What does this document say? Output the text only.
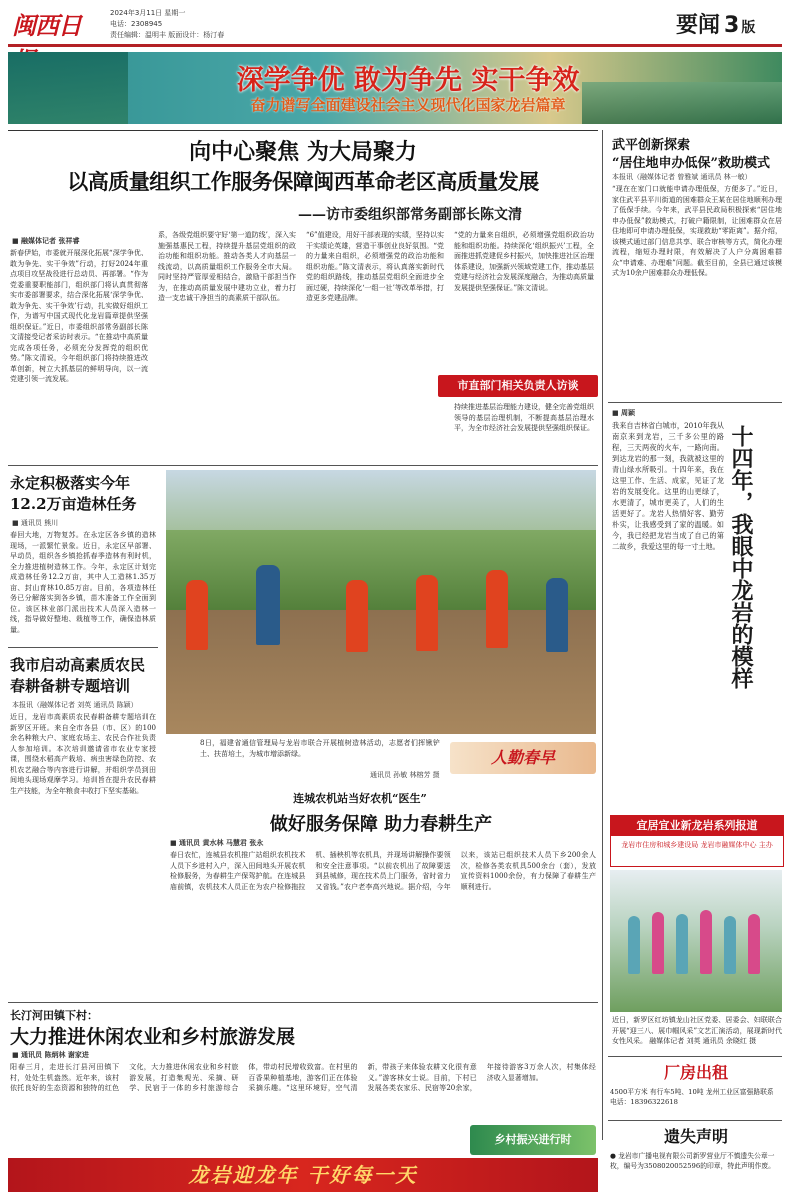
闽西日	2024年3月11日 星期一
电话：2308945
责任编辑：温明丰 版面设计：杨汀春	要闻 3 版
深学争优 敢为争先 实干争效
奋力谱写全面建设社会主义现代化国家龙岩篇章
向中心聚焦 为大局聚力
以高质量组织工作服务保障闽西革命老区高质量发展
——访市委组织部常务副部长陈文清
■ 融媒体记者 张祥睿
新春伊始，市委就开展深化拓展“深学争优、敢为争先、实干争效”行动，打好2024年重点项目攻坚战役进行总动员、再部署。“作为党委重要职能部门，组织部门将认真贯彻落实市委部署要求，结合深化拓展‘深学争优、敢为争先、实干争效’行动，扎实做好组织工作，为谱写中国式现代化龙岩篇章提供坚强组织保证。”近日，市委组织部常务副部长陈文清接受记者采访时表示。“在推动中高质量完成各项任务，必须充分发挥党的组织优势。”陈文清说，今年组织部门将持续推进改革创新，树立大抓基层的鲜明导向，以一流党建引领一流发展。
系，各级党组织要守好‘第一道防线’，深入实施强基惠民工程，持续提升基层党组织的政治功能和组织功能。推动各类人才向基层一线流动，以高质量组织工作服务全市大局。同时坚持严管厚爱相结合，激励干部担当作为，在推动高质量发展中建功立业，着力打造一支忠诚干净担当的高素质干部队伍。
“6”值建设，用好干部表现的实绩，坚持以实干实绩论英雄，营造干事创业良好氛围。“党的力量来自组织，必须增强党的政治功能和组织功能。”陈文清表示，将认真落实新时代党的组织路线，推动基层党组织全面进步全面过硬，持续深化‘一组一社’等改革举措，打造更多党建品牌。
“党的力量来自组织，必须增强党组织政治功能和组织功能。持续深化‘组织振兴’工程，全面推进抓党建促乡村振兴，加快推进社区治理体系建设，加强新兴领域党建工作，推动基层党建与经济社会发展深度融合，为推动高质量发展提供坚强保证。”陈文清说。
市直部门相关负责人访谈
持续推进基层治理能力建设，健全完善党组织领导的基层治理机制，不断提高基层治理水平，为全市经济社会发展提供坚强组织保证。
武平创新探索
“居住地申办低保”救助模式
本报讯（融媒体记者 曾雅斌 通讯员 林一敏）
“现在在家门口就能申请办理低保，方便多了。”近日，家住武平县平川街道的困难群众王某在居住地顺利办理了低保手续。今年来，武平县民政局积极探索“居住地申办低保”救助模式，打破户籍限制，让困难群众在居住地即可申请办理低保，实现救助“零距离”。据介绍，该模式通过部门信息共享、联合审核等方式，简化办理流程，缩短办理时限，有效解决了人户分离困难群众“申请难、办理难”问题。截至目前，全县已通过该模式为10余户困难群众办理低保。
■ 周颖
我来自吉林省白城市，2010年我从南京来到龙岩，三千多公里的路程，三天两夜的火车，一路向南。到达龙岩的那一刻，我就被这里的青山绿水所吸引。十四年来，我在这里工作、生活、成家，见证了龙岩的发展变化。这里的山更绿了，水更清了，城市更美了，人们的生活更好了。龙岩人热情好客、勤劳朴实，让我感受到了家的温暖。如今，我已经把龙岩当成了自己的第二故乡，我爱这里的每一寸土地。 十四年，我眼中龙岩的模样
宜居宜业新龙岩系列报道
龙岩市住房和城乡建设局 龙岩市融媒体中心 主办
近日，新罗区红坊镇龙山社区党委、居委会、妇联联合开展“迎三八、展巾帼风采”文艺汇演活动，展现新时代女性风采。 融媒体记者 刘英 通讯员 余晓红 摄
厂房出租
4500平方米 有行车5吨、10吨 龙州工业区富强路联系 电话：18396322618
遗失声明
● 龙岩市广播电视有限公司新罗营业厅不慎遗失公章一枚，编号为3508020052596的印章，特此声明作废。
永定积极落实今年
12.2万亩造林任务
■ 通讯员 熊川
春回大地，万物复苏。在永定区各乡镇的造林现场，一派繁忙景象。近日，永定区早部署、早动员，组织各乡镇抢抓春季造林有利时机，全力推进植树造林工作。今年，永定区计划完成造林任务12.2万亩，其中人工造林1.35万亩、封山育林10.85万亩。目前，各项造林任务已分解落实到各乡镇，苗木准备工作全面到位。该区林业部门派出技术人员深入造林一线，指导做好整地、栽植等工作，确保造林质量。
我市启动高素质农民
春耕备耕专题培训
本报讯（融媒体记者 刘英 通讯员 陈颖）
近日，龙岩市高素质农民春耕备耕专题培训在新罗区开班。来自全市各县（市、区）的100余名种粮大户、家庭农场主、农民合作社负责人参加培训。本次培训邀请省市农业专家授课，围绕水稻高产栽培、病虫害绿色防控、农机农艺融合等内容进行讲解，并组织学员到田间地头现场观摩学习。培训旨在提升农民春耕生产技能，为全年粮食丰收打下坚实基础。
8日，福建省通信管理局与龙岩市联合开展植树造林活动，志愿者们挥锹铲土、扶苗培土，为城市增添新绿。
通讯员 孙敏 林榕芳 摄
人勤春早
连城农机站当好农机“医生”
做好服务保障 助力春耕生产
■ 通讯员 黄水林 马慧君 张永
春日农忙，连城县农机推广站组织农机技术人员下乡进村入户，深入田间地头开展农机检修服务，为春耕生产保驾护航。在连城县庙前镇，农机技术人员正在为农户检修拖拉机、插秧机等农机具，并现场讲解操作要领和安全注意事项。“以前农机出了故障要送到县城修，现在技术员上门服务，省时省力又省钱。”农户老李高兴地说。据介绍，今年以来，该站已组织技术人员下乡200余人次，检修各类农机具500余台（套），发放宣传资料1000余份，有力保障了春耕生产顺利进行。
长汀河田镇下村：
大力推进休闲农业和乡村旅游发展
■ 通讯员 陈炳林 谢家进
阳春三月，走进长汀县河田镇下村，处处生机盎然。近年来，该村依托良好的生态资源和独特的红色文化，大力推进休闲农业和乡村旅游发展，打造集观光、采摘、研学、民宿于一体的乡村旅游综合体，带动村民增收致富。在村里的百香果种植基地，游客们正在体验采摘乐趣。“这里环境好，空气清新，带孩子来体验农耕文化很有意义。”游客林女士说。目前，下村已发展各类农家乐、民宿等20余家，年接待游客3万余人次，村集体经济收入显著增加。
乡村振兴进行时
龙岩迎龙年 干好每一天
